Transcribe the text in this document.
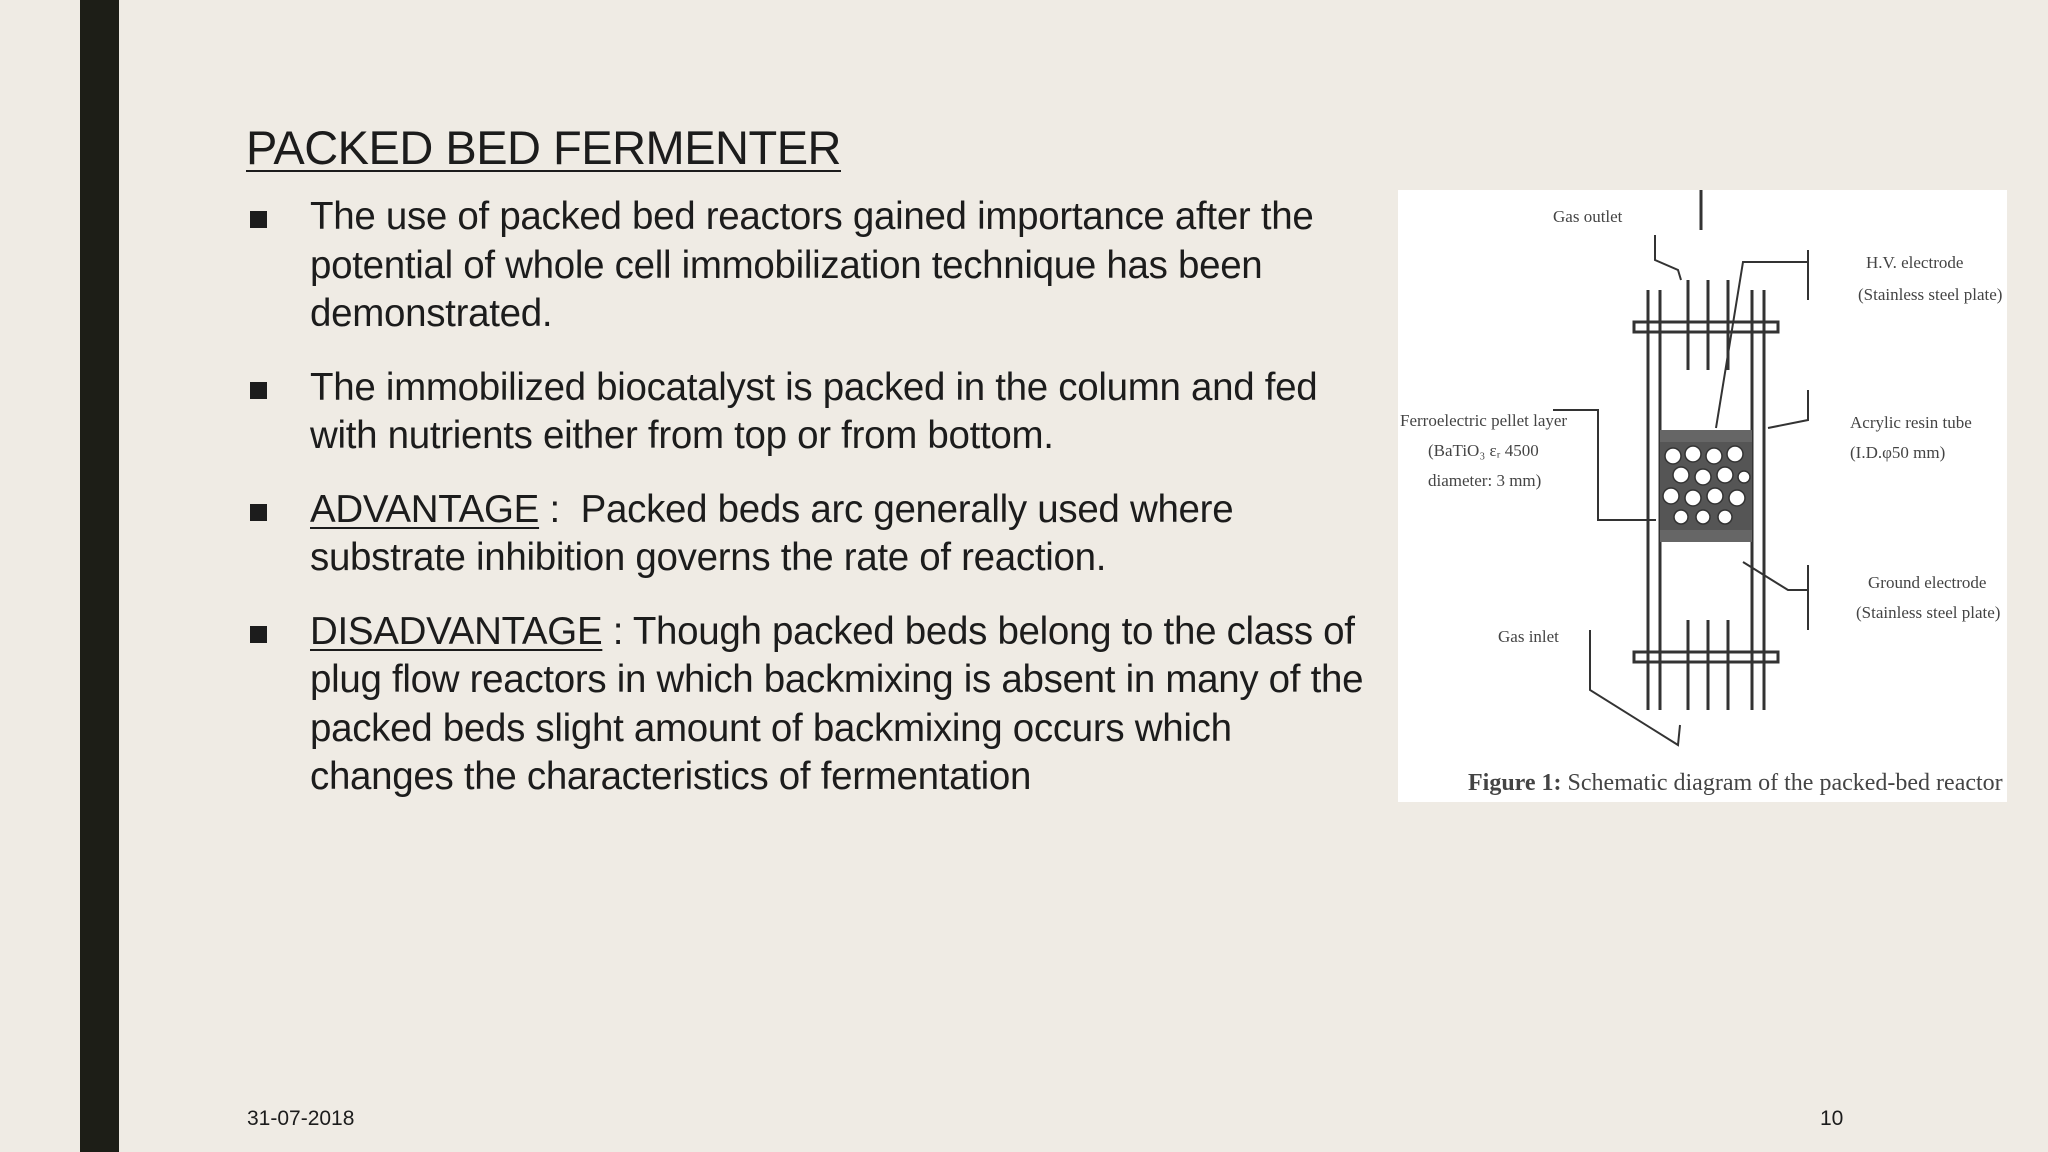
PACKED BED FERMENTER
The use of packed bed reactors gained importance after the potential of whole cell immobilization technique has been demonstrated.
The immobilized biocatalyst is packed in the column and fed with nutrients either from top or from bottom.
ADVANTAGE :  Packed beds arc generally used where substrate inhibition governs the rate of reaction.
DISADVANTAGE : Though packed beds belong to the class of plug flow reactors in which backmixing is absent in many of the packed beds slight amount of backmixing occurs which changes the characteristics of fermentation
Gas outlet
H.V. electrode
(Stainless steel plate)
Ferroelectric pellet layer
(BaTiO₃ εᵣ 4500
diameter: 3 mm)
Acrylic resin tube
(I.D.φ50 mm)
Ground electrode
(Stainless steel plate)
Gas inlet
Figure 1: Schematic diagram of the packed-bed reactor
31-07-2018	10
